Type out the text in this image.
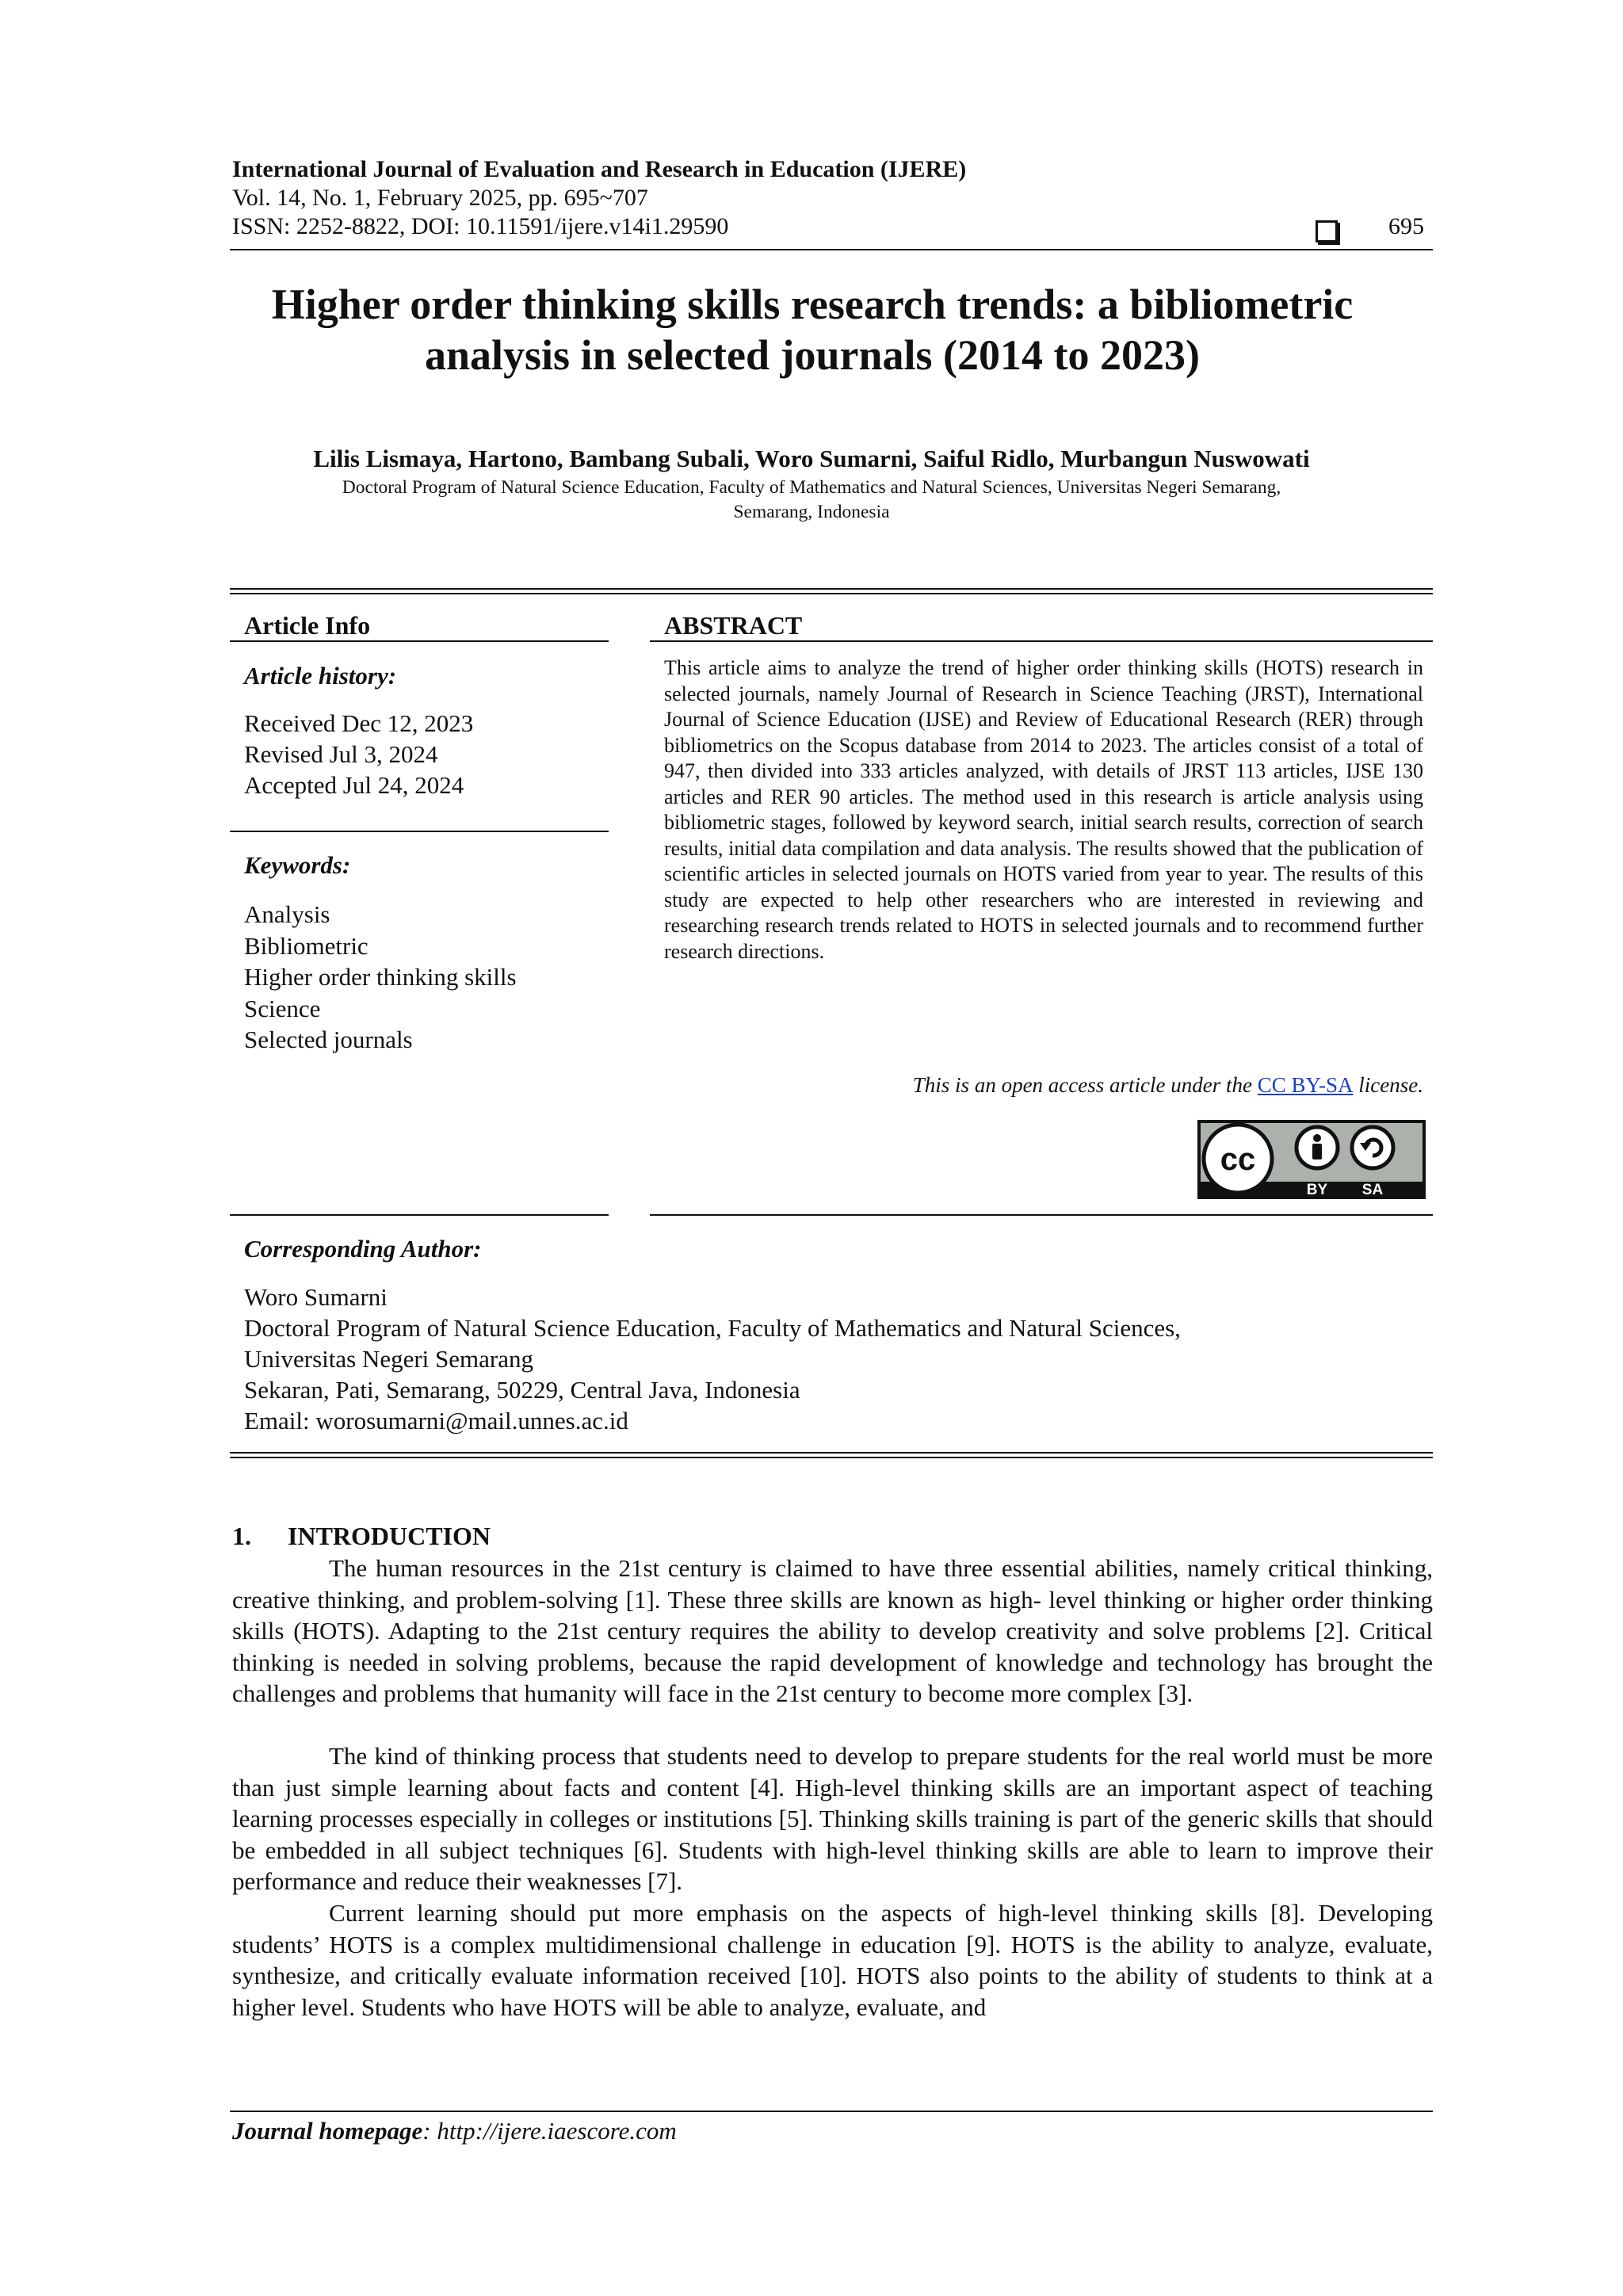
International Journal of Evaluation and Research in Education (IJERE)

Vol. 14, No. 1, February 2025, pp. 695~707

ISSN: 2252-8822, DOI: 10.11591/ijere.v14i1.29590	695
Higher order thinking skills research trends: a bibliometric
analysis in selected journals (2014 to 2023)
Lilis Lismaya, Hartono, Bambang Subali, Woro Sumarni, Saiful Ridlo, Murbangun Nuswowati
Doctoral Program of Natural Science Education, Faculty of Mathematics and Natural Sciences, Universitas Negeri Semarang,
Semarang, Indonesia
Article Info
Article history:
Received Dec 12, 2023
Revised Jul 3, 2024
Accepted Jul 24, 2024
Keywords:
Analysis
Bibliometric
Higher order thinking skills
Science
Selected journals
ABSTRACT

This article aims to analyze the trend of higher order thinking skills (HOTS) research in selected journals, namely Journal of Research in Science Teaching (JRST), International Journal of Science Education (IJSE) and Review of Educational Research (RER) through bibliometrics on the Scopus database from 2014 to 2023. The articles consist of a total of 947, then divided into 333 articles analyzed, with details of JRST 113 articles, IJSE 130 articles and RER 90 articles. The method used in this research is article analysis using bibliometric stages, followed by keyword search, initial search results, correction of search results, initial data compilation and data analysis. The results showed that the publication of scientific articles in selected journals on HOTS varied from year to year. The results of this study are expected to help other researchers who are interested in reviewing and researching research trends related to HOTS in selected journals and to recommend further research directions.

This is an open access article under the CC BY-SA license.
cc
BY SA
Corresponding Author:
Woro Sumarni
Doctoral Program of Natural Science Education, Faculty of Mathematics and Natural Sciences,
Universitas Negeri Semarang
Sekaran, Pati, Semarang, 50229, Central Java, Indonesia
Email: worosumarni@mail.unnes.ac.id
1. INTRODUCTION

The human resources in the 21st century is claimed to have three essential abilities, namely critical thinking, creative thinking, and problem-solving [1]. These three skills are known as high- level thinking or higher order thinking skills (HOTS). Adapting to the 21st century requires the ability to develop creativity and solve problems [2]. Critical thinking is needed in solving problems, because the rapid development of knowledge and technology has brought the challenges and problems that humanity will face in the 21st century to become more complex [3].

The kind of thinking process that students need to develop to prepare students for the real world must be more than just simple learning about facts and content [4]. High-level thinking skills are an important aspect of teaching learning processes especially in colleges or institutions [5]. Thinking skills training is part of the generic skills that should be embedded in all subject techniques [6]. Students with high-level thinking skills are able to learn to improve their performance and reduce their weaknesses [7].

Current learning should put more emphasis on the aspects of high-level thinking skills [8]. Developing students’ HOTS is a complex multidimensional challenge in education [9]. HOTS is the ability to analyze, evaluate, synthesize, and critically evaluate information received [10]. HOTS also points to the ability of students to think at a higher level. Students who have HOTS will be able to analyze, evaluate, and

Journal homepage: http://ijere.iaescore.com
